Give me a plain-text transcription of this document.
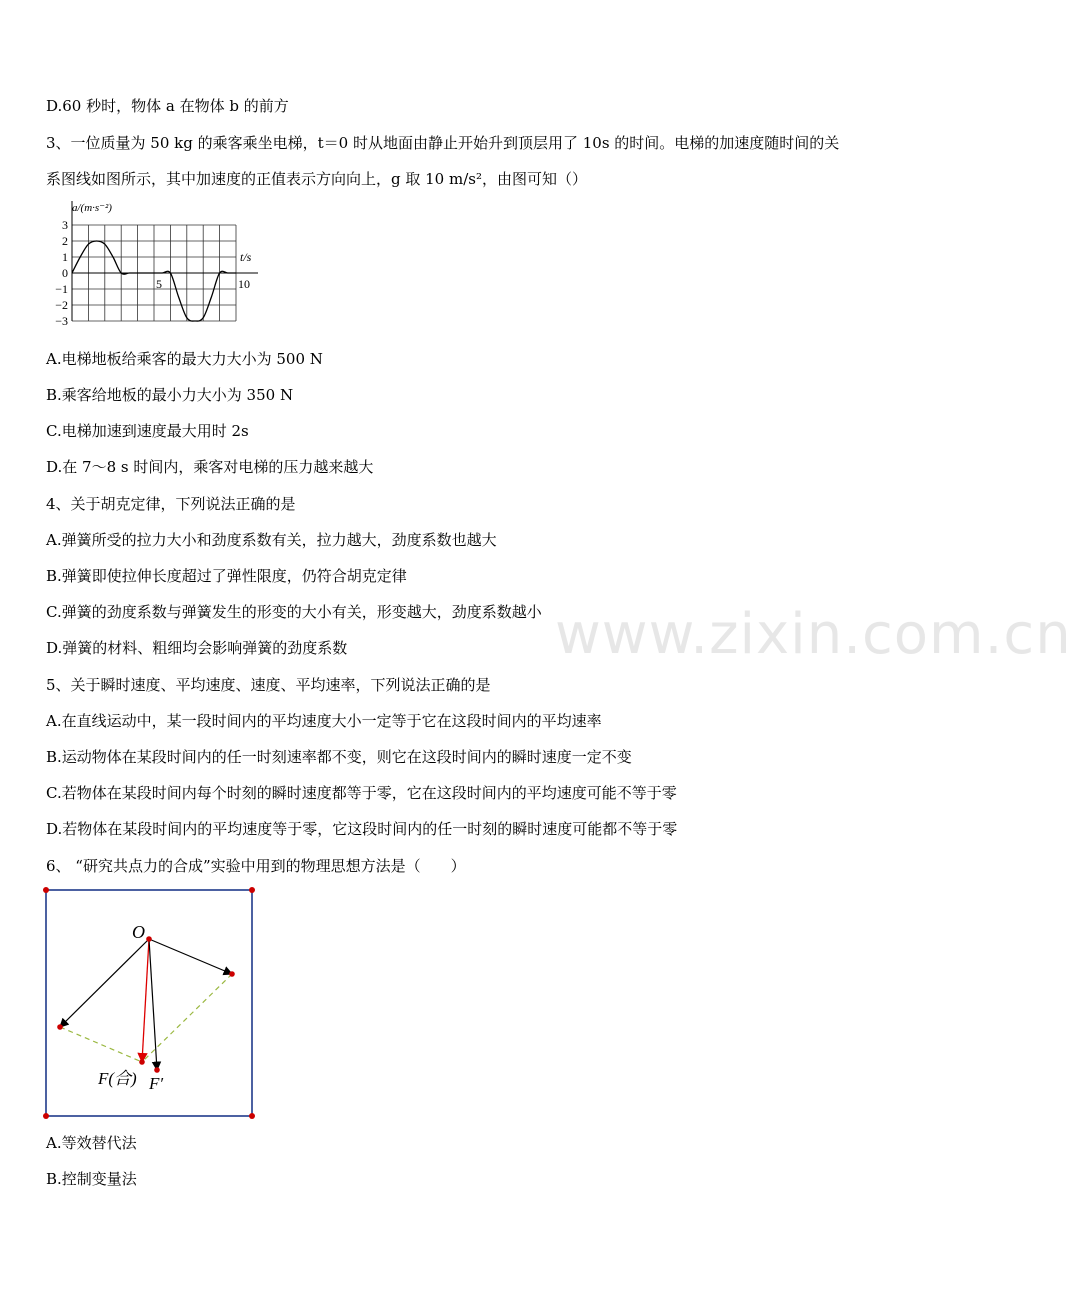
www.zixin.com.cn
D.60 秒时，物体 a 在物体 b 的前方
3、一位质量为 50 kg 的乘客乘坐电梯，t＝0 时从地面由静止开始升到顶层用了 10s 的时间。电梯的加速度随时间的关
系图线如图所示，其中加速度的正值表示方向向上，g 取 10 m/s²，由图可知（）
3
2
1
0
−1
−2
−3
5	10
a/(m·s⁻²)
t/s
A.电梯地板给乘客的最大力大小为 500 N
B.乘客给地板的最小力大小为 350 N
C.电梯加速到速度最大用时 2s
D.在 7～8 s 时间内，乘客对电梯的压力越来越大
4、关于胡克定律，下列说法正确的是
A.弹簧所受的拉力大小和劲度系数有关，拉力越大，劲度系数也越大
B.弹簧即使拉伸长度超过了弹性限度，仍符合胡克定律
C.弹簧的劲度系数与弹簧发生的形变的大小有关，形变越大，劲度系数越小
D.弹簧的材料、粗细均会影响弹簧的劲度系数
5、关于瞬时速度、平均速度、速度、平均速率，下列说法正确的是
A.在直线运动中，某一段时间内的平均速度大小一定等于它在这段时间内的平均速率
B.运动物体在某段时间内的任一时刻速率都不变，则它在这段时间内的瞬时速度一定不变
C.若物体在某段时间内每个时刻的瞬时速度都等于零，它在这段时间内的平均速度可能不等于零
D.若物体在某段时间内的平均速度等于零，它这段时间内的任一时刻的瞬时速度可能都不等于零
6、 “研究共点力的合成”实验中用到的物理思想方法是（　　）
O
F(合) F′
A.等效替代法
B.控制变量法
